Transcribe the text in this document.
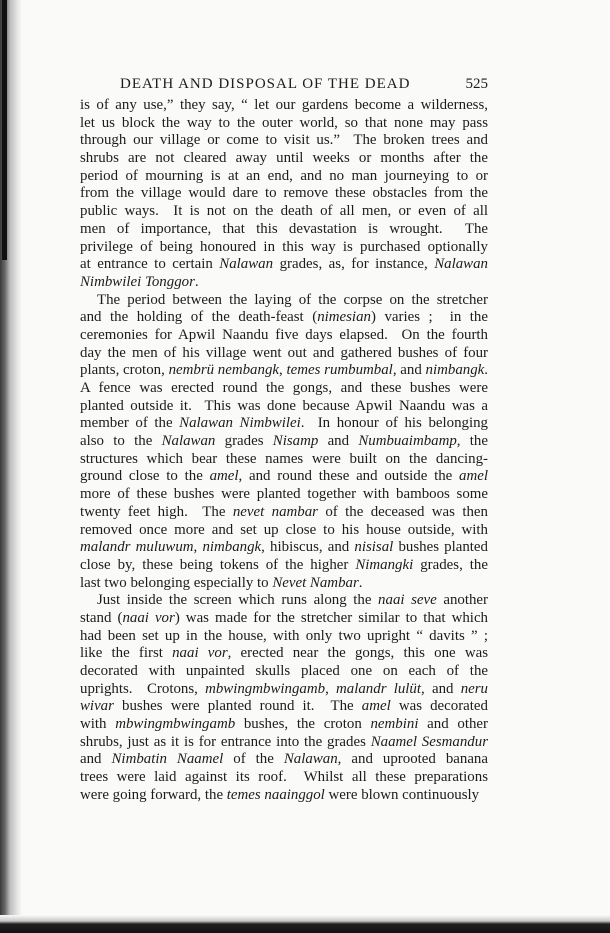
DEATH AND DISPOSAL OF THE DEAD	525
is of any use,” they say, “ let our gardens become a wilderness,
let us block the way to the outer world, so that none may pass
through our village or come to visit us.”  The broken trees and
shrubs are not cleared away until weeks or months after the
period of mourning is at an end, and no man journeying to or
from the village would dare to remove these obstacles from the
public ways.  It is not on the death of all men, or even of all
men of importance, that this devastation is wrought.  The
privilege of being honoured in this way is purchased optionally
at entrance to certain Nalawan grades, as, for instance, Nalawan
Nimbwilei Tonggor.
The period between the laying of the corpse on the stretcher
and the holding of the death-feast (nimesian) varies ;  in the
ceremonies for Apwil Naandu five days elapsed.  On the fourth
day the men of his village went out and gathered bushes of four
plants, croton, nembrü nembangk, temes rumbumbal, and nimbangk.
A fence was erected round the gongs, and these bushes were
planted outside it.  This was done because Apwil Naandu was a
member of the Nalawan Nimbwilei.  In honour of his belonging
also to the Nalawan grades Nisamp and Numbuaimbamp, the
structures which bear these names were built on the dancing-
ground close to the amel, and round these and outside the amel
more of these bushes were planted together with bamboos some
twenty feet high.  The nevet nambar of the deceased was then
removed once more and set up close to his house outside, with
malandr muluwum, nimbangk, hibiscus, and nisisal bushes planted
close by, these being tokens of the higher Nimangki grades, the
last two belonging especially to Nevet Nambar.
Just inside the screen which runs along the naai seve another
stand (naai vor) was made for the stretcher similar to that which
had been set up in the house, with only two upright “ davits ” ;
like the first naai vor, erected near the gongs, this one was
decorated with unpainted skulls placed one on each of the
uprights.  Crotons, mbwingmbwingamb, malandr lulüt, and neru
wivar bushes were planted round it.  The amel was decorated
with mbwingmbwingamb bushes, the croton nembini and other
shrubs, just as it is for entrance into the grades Naamel Sesmandur
and Nimbatin Naamel of the Nalawan, and uprooted banana
trees were laid against its roof.  Whilst all these preparations
were going forward, the temes naainggol were blown continuously
